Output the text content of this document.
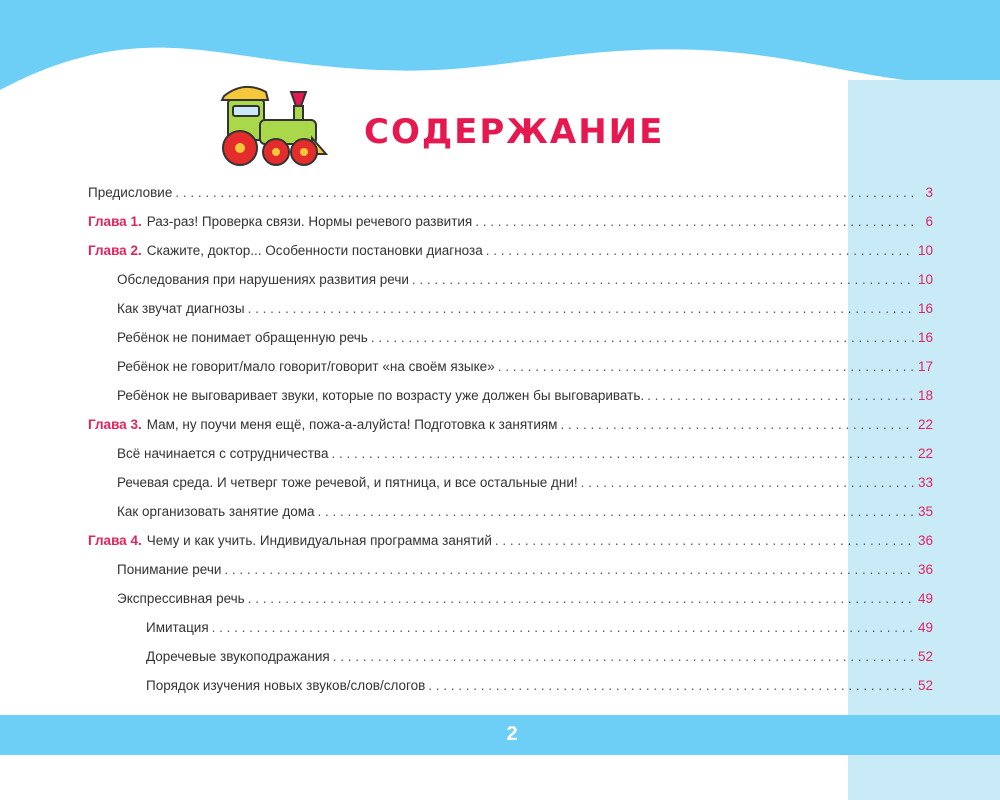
СОДЕРЖАНИЕ
Предисловие . . .	3
Глава 1. Раз-раз! Проверка связи. Нормы речевого развития . . .	6
Глава 2. Скажите, доктор... Особенности постановки диагноза . . .	10
Обследования при нарушениях развития речи . . .	10
Как звучат диагнозы . . .	16
Ребёнок не понимает обращенную речь . . .	16
Ребёнок не говорит/мало говорит/говорит «на своём языке» . . .	17
Ребёнок не выговаривает звуки, которые по возрасту уже должен бы выговаривать. . . .	18
Глава 3. Мам, ну поучи меня ещё, пожа-а-алуйста! Подготовка к занятиям . . .	22
Всё начинается с сотрудничества . . .	22
Речевая среда. И четверг тоже речевой, и пятница, и все остальные дни! . . .	33
Как организовать занятие дома . . .	35
Глава 4. Чему и как учить. Индивидуальная программа занятий . . .	36
Понимание речи . . .	36
Экспрессивная речь . . .	49
Имитация . . .	49
Доречевые звукоподражания . . .	52
Порядок изучения новых звуков/слов/слогов . . .	52
2
